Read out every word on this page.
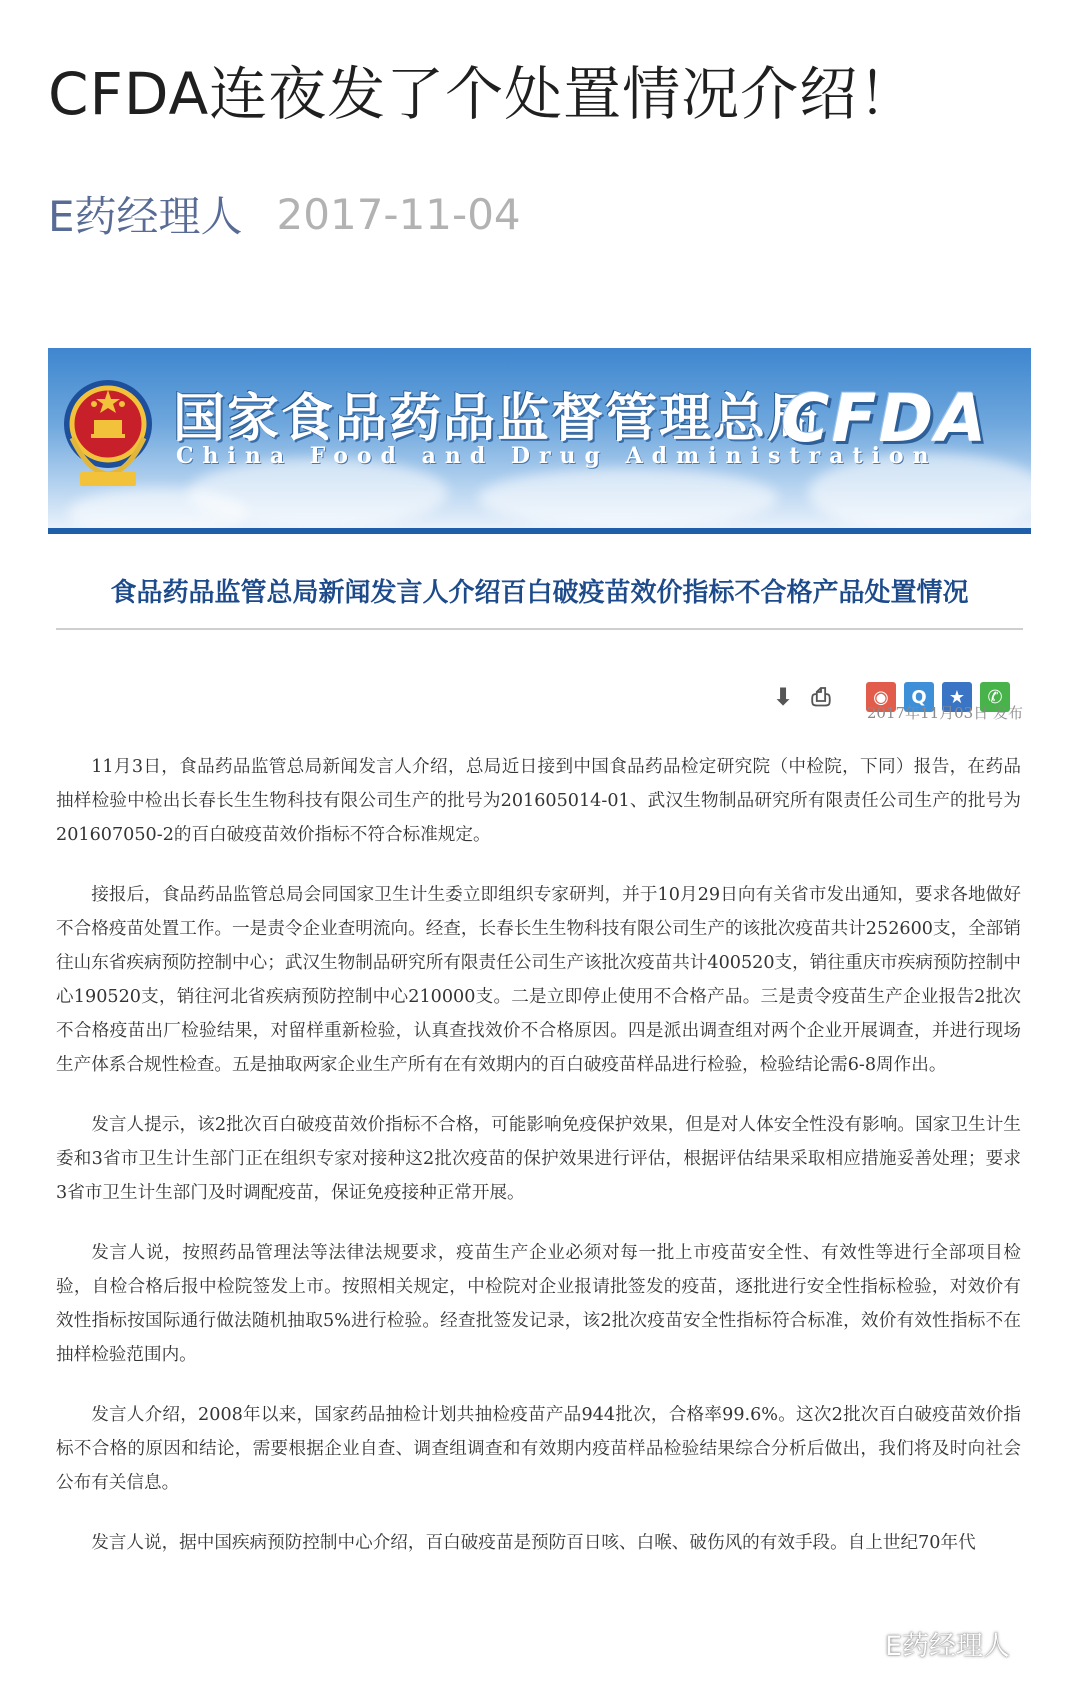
CFDA连夜发了个处置情况介绍！
E药经理人 2017-11-04
国家食品药品监督管理总局
China Food and Drug Administration
CFDA
食品药品监管总局新闻发言人介绍百白破疫苗效价指标不合格产品处置情况
⬇ ⎙	◉	Q	★	✆
2017年11月03日 发布

11月3日，食品药品监管总局新闻发言人介绍，总局近日接到中国食品药品检定研究院（中检院，下同）报告，在药品抽样检验中检出长春长生生物科技有限公司生产的批号为201605014-01、武汉生物制品研究所有限责任公司生产的批号为201607050-2的百白破疫苗效价指标不符合标准规定。

接报后，食品药品监管总局会同国家卫生计生委立即组织专家研判，并于10月29日向有关省市发出通知，要求各地做好不合格疫苗处置工作。一是责令企业查明流向。经查，长春长生生物科技有限公司生产的该批次疫苗共计252600支，全部销往山东省疾病预防控制中心；武汉生物制品研究所有限责任公司生产该批次疫苗共计400520支，销往重庆市疾病预防控制中心190520支，销往河北省疾病预防控制中心210000支。二是立即停止使用不合格产品。三是责令疫苗生产企业报告2批次不合格疫苗出厂检验结果，对留样重新检验，认真查找效价不合格原因。四是派出调查组对两个企业开展调查，并进行现场生产体系合规性检查。五是抽取两家企业生产所有在有效期内的百白破疫苗样品进行检验，检验结论需6-8周作出。

发言人提示，该2批次百白破疫苗效价指标不合格，可能影响免疫保护效果，但是对人体安全性没有影响。国家卫生计生委和3省市卫生计生部门正在组织专家对接种这2批次疫苗的保护效果进行评估，根据评估结果采取相应措施妥善处理；要求3省市卫生计生部门及时调配疫苗，保证免疫接种正常开展。

发言人说，按照药品管理法等法律法规要求，疫苗生产企业必须对每一批上市疫苗安全性、有效性等进行全部项目检验，自检合格后报中检院签发上市。按照相关规定，中检院对企业报请批签发的疫苗，逐批进行安全性指标检验，对效价有效性指标按国际通行做法随机抽取5%进行检验。经查批签发记录，该2批次疫苗安全性指标符合标准，效价有效性指标不在抽样检验范围内。

发言人介绍，2008年以来，国家药品抽检计划共抽检疫苗产品944批次，合格率99.6%。这次2批次百白破疫苗效价指标不合格的原因和结论，需要根据企业自查、调查组调查和有效期内疫苗样品检验结果综合分析后做出，我们将及时向社会公布有关信息。

发言人说，据中国疾病预防控制中心介绍，百白破疫苗是预防百日咳、白喉、破伤风的有效手段。自上世纪70年代

E药经理人
